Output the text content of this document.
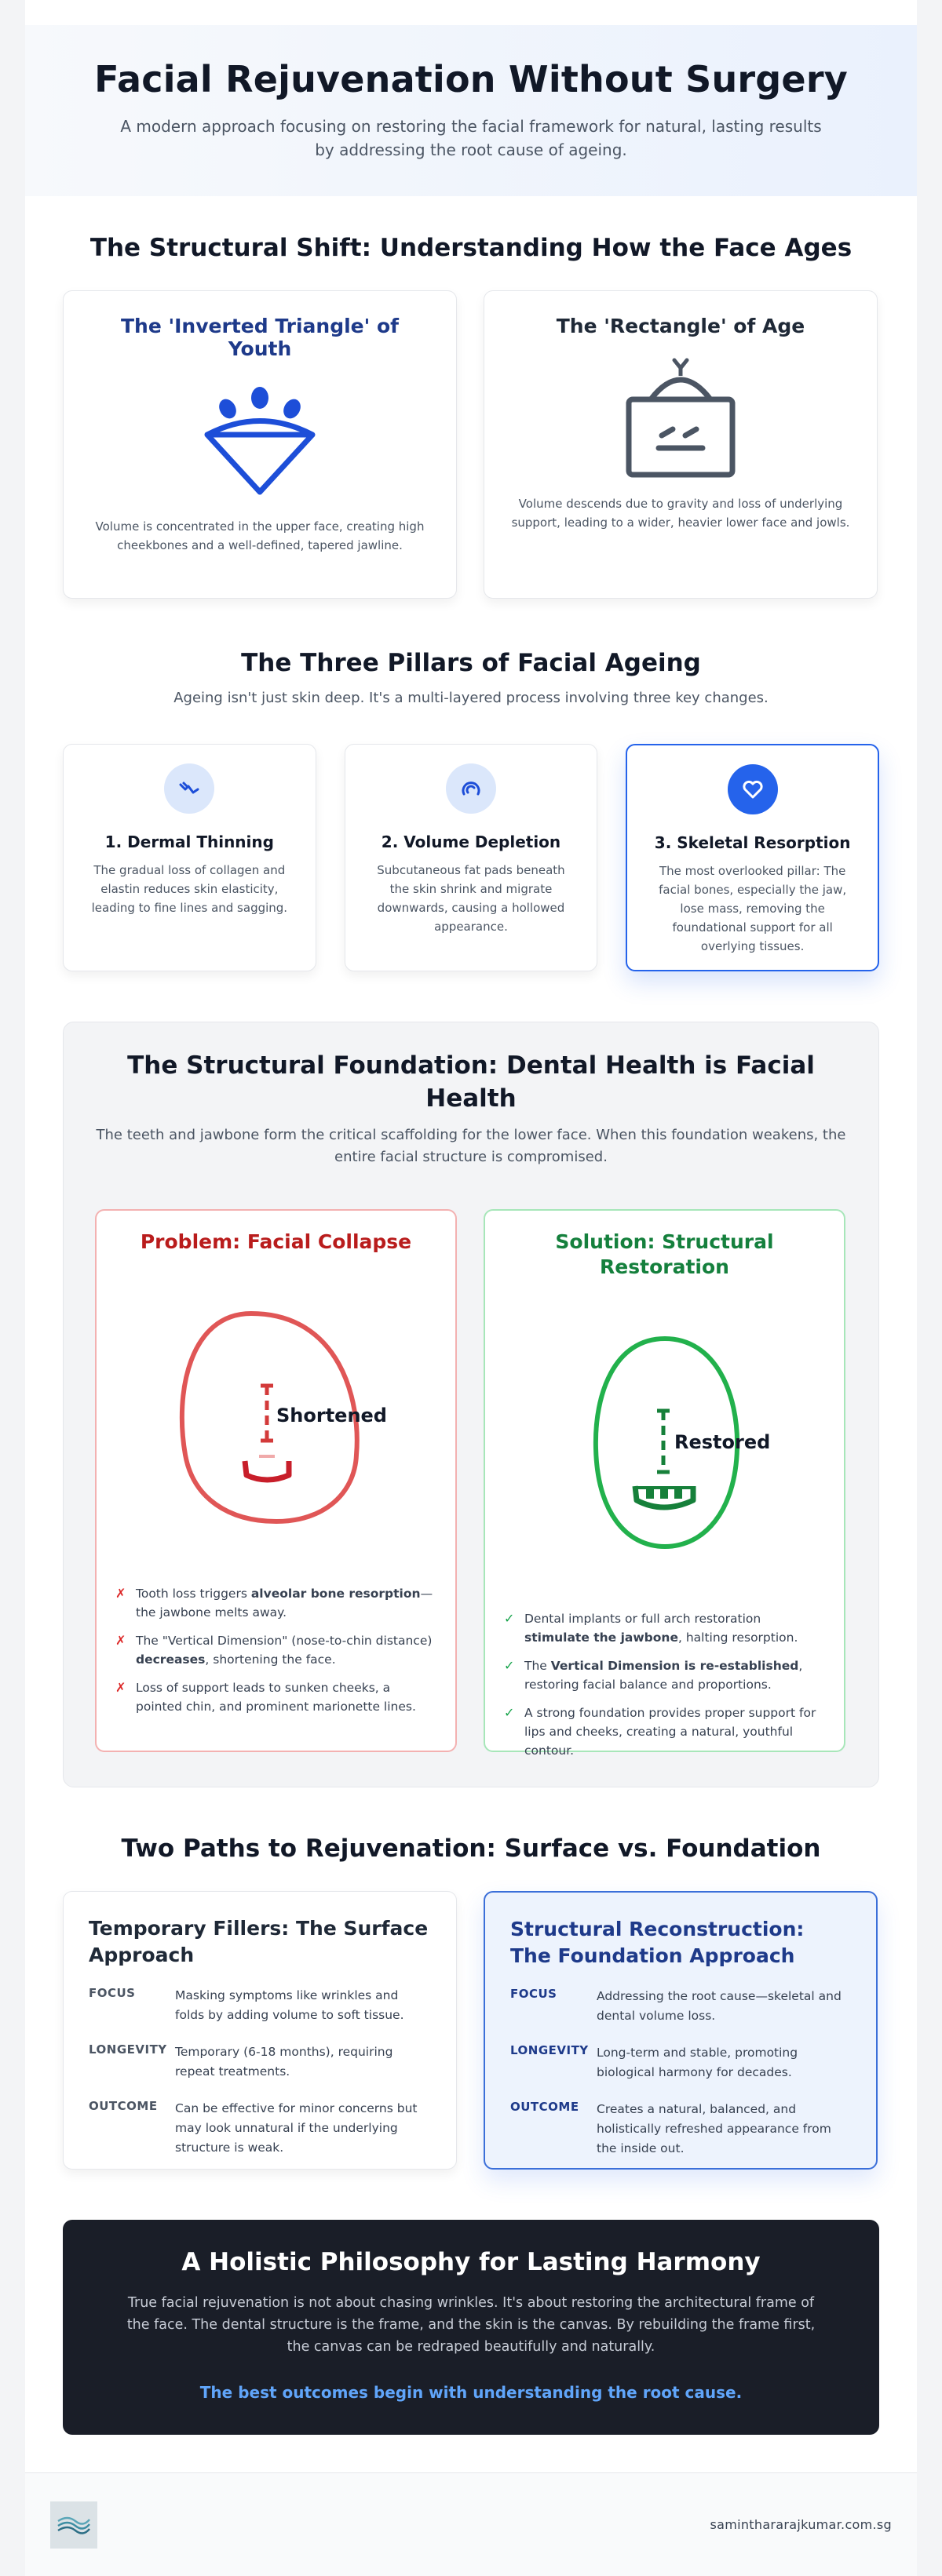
Facial Rejuvenation Without Surgery

A modern approach focusing on restoring the facial framework for natural, lasting results by addressing the root cause of ageing.

The Structural Shift: Understanding How the Face Ages
The 'Inverted Triangle' of Youth

Volume is concentrated in the upper face, creating high cheekbones and a well-defined, tapered jawline.

The 'Rectangle' of Age

Volume descends due to gravity and loss of underlying support, leading to a wider, heavier lower face and jowls.

The Three Pillars of Facial Ageing

Ageing isn't just skin deep. It's a multi-layered process involving three key changes.

1. Dermal Thinning

The gradual loss of collagen and elastin reduces skin elasticity, leading to fine lines and sagging.

2. Volume Depletion

Subcutaneous fat pads beneath the skin shrink and migrate downwards, causing a hollowed appearance.

3. Skeletal Resorption

The most overlooked pillar: The facial bones, especially the jaw, lose mass, removing the foundational support for all overlying tissues.

The Structural Foundation: Dental Health is Facial Health

The teeth and jawbone form the critical scaffolding for the lower face. When this foundation weakens, the entire facial structure is compromised.

Problem: Facial Collapse
Shortened
✗ Tooth loss triggers alveolar bone resorption—the jawbone melts away.
✗ The "Vertical Dimension" (nose-to-chin distance) decreases, shortening the face.
✗ Loss of support leads to sunken cheeks, a pointed chin, and prominent marionette lines.
Solution: Structural Restoration
Restored
✓ Dental implants or full arch restoration stimulate the jawbone, halting resorption.
✓ The Vertical Dimension is re-established, restoring facial balance and proportions.
✓ A strong foundation provides proper support for lips and cheeks, creating a natural, youthful contour.
Two Paths to Rejuvenation: Surface vs. Foundation
Temporary Fillers: The Surface Approach
FOCUS	Masking symptoms like wrinkles and folds by adding volume to soft tissue.
LONGEVITY Temporary (6-18 months), requiring repeat treatments.
OUTCOME	Can be effective for minor concerns but may look unnatural if the underlying structure is weak.
Structural Reconstruction: The Foundation Approach
FOCUS	Addressing the root cause—skeletal and dental volume loss.
LONGEVITY Long-term and stable, promoting biological harmony for decades.
OUTCOME	Creates a natural, balanced, and holistically refreshed appearance from the inside out.
A Holistic Philosophy for Lasting Harmony

True facial rejuvenation is not about chasing wrinkles. It's about restoring the architectural frame of the face. The dental structure is the frame, and the skin is the canvas. By rebuilding the frame first, the canvas can be redraped beautifully and naturally.

The best outcomes begin with understanding the root cause.

saminthararajkumar.com.sg
